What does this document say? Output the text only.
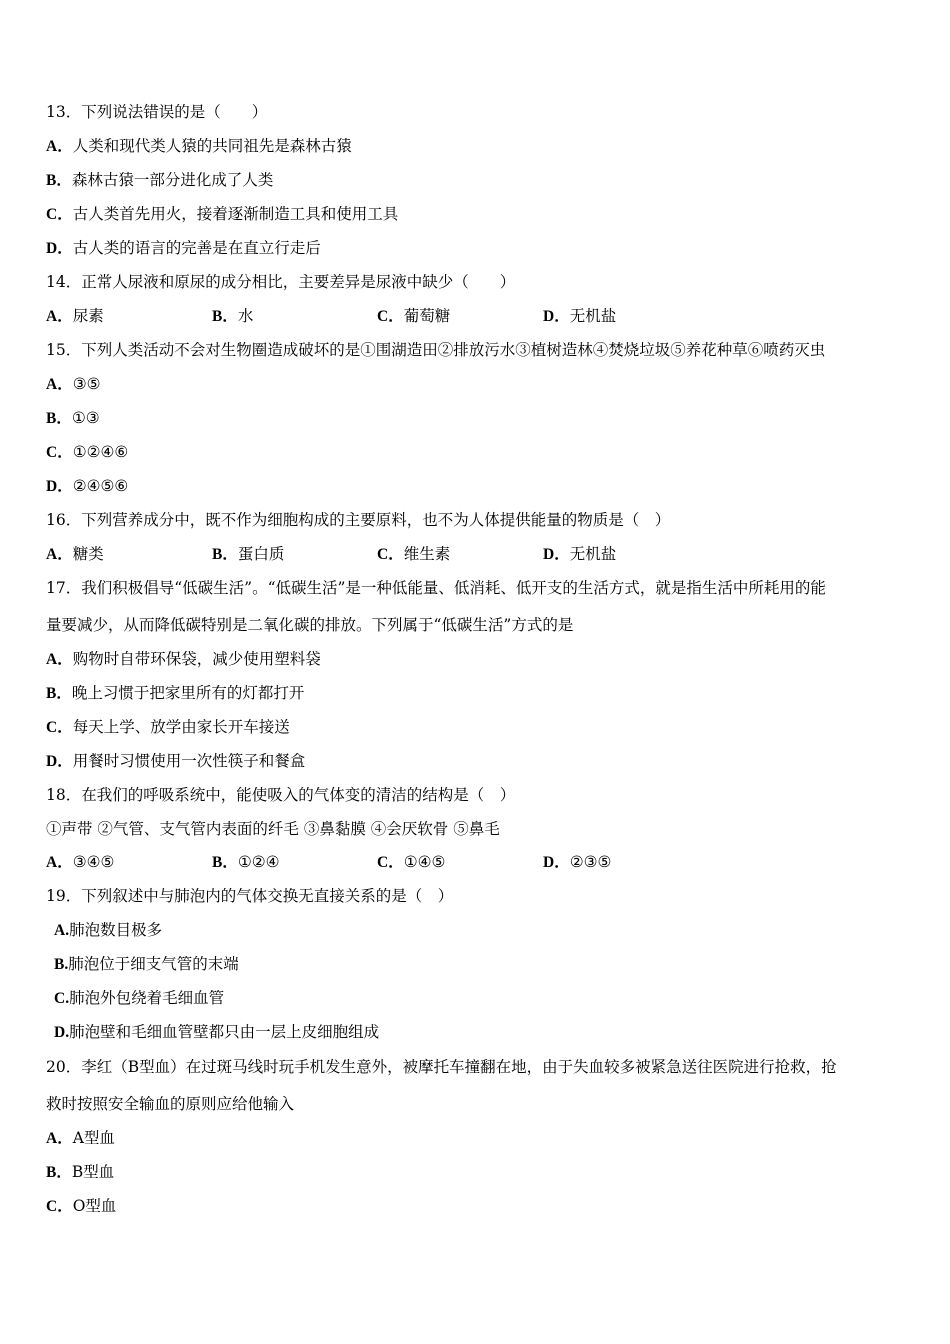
13．下列说法错误的是（　　）
A．人类和现代类人猿的共同祖先是森林古猿
B．森林古猿一部分进化成了人类
C．古人类首先用火，接着逐渐制造工具和使用工具
D．古人类的语言的完善是在直立行走后
14．正常人尿液和原尿的成分相比，主要差异是尿液中缺少（　　）
A．尿素	B．水	C．葡萄糖	D．无机盐
15．下列人类活动不会对生物圈造成破坏的是①围湖造田②排放污水③植树造林④焚烧垃圾⑤养花种草⑥喷药灭虫
A．③⑤
B．①③
C．①②④⑥
D．②④⑤⑥
16．下列营养成分中，既不作为细胞构成的主要原料，也不为人体提供能量的物质是（　）
A．糖类	B．蛋白质	C．维生素	D．无机盐
17．我们积极倡导“低碳生活”。“低碳生活”是一种低能量、低消耗、低开支的生活方式，就是指生活中所耗用的能
量要减少，从而降低碳特别是二氧化碳的排放。下列属于“低碳生活”方式的是
A．购物时自带环保袋，减少使用塑料袋
B．晚上习惯于把家里所有的灯都打开
C．每天上学、放学由家长开车接送
D．用餐时习惯使用一次性筷子和餐盒
18．在我们的呼吸系统中，能使吸入的气体变的清洁的结构是（　）
①声带 ②气管、支气管内表面的纤毛 ③鼻黏膜 ④会厌软骨 ⑤鼻毛
A．③④⑤	B．①②④	C．①④⑤	D．②③⑤
19．下列叙述中与肺泡内的气体交换无直接关系的是（　）
A.肺泡数目极多
B.肺泡位于细支气管的末端
C.肺泡外包绕着毛细血管
D.肺泡壁和毛细血管壁都只由一层上皮细胞组成
20．李红（B型血）在过斑马线时玩手机发生意外，被摩托车撞翻在地，由于失血较多被紧急送往医院进行抢救，抢
救时按照安全输血的原则应给他输入
A．A型血
B．B型血
C．O型血
